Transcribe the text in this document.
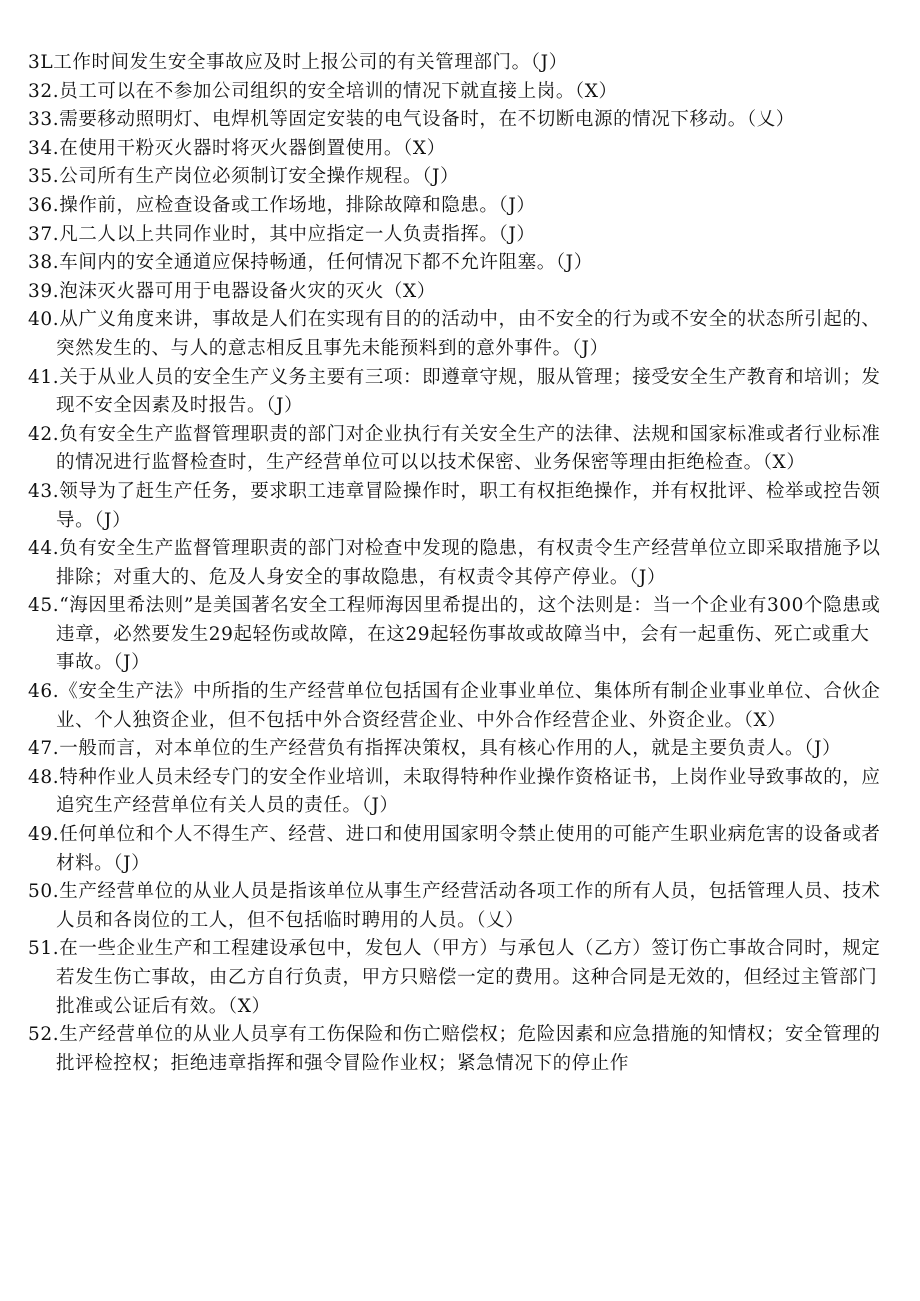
3L工作时间发生安全事故应及时上报公司的有关管理部门。（J）
32.员工可以在不参加公司组织的安全培训的情况下就直接上岗。（X）
33.需要移动照明灯、电焊机等固定安装的电气设备时，在不切断电源的情况下移动。（乂）
34.在使用干粉灭火器时将灭火器倒置使用。（X）
35.公司所有生产岗位必须制订安全操作规程。（J）
36.操作前，应检查设备或工作场地，排除故障和隐患。（J）
37.凡二人以上共同作业时，其中应指定一人负责指挥。（J）
38.车间内的安全通道应保持畅通，任何情况下都不允许阻塞。（J）
39.泡沫灭火器可用于电器设备火灾的灭火（X）
40.从广义角度来讲，事故是人们在实现有目的的活动中，由不安全的行为或不安全的状态所引起的、突然发生的、与人的意志相反且事先未能预料到的意外事件。（J）
41.关于从业人员的安全生产义务主要有三项：即遵章守规，服从管理；接受安全生产教育和培训；发现不安全因素及时报告。（J）
42.负有安全生产监督管理职责的部门对企业执行有关安全生产的法律、法规和国家标准或者行业标准的情况进行监督检查时，生产经营单位可以以技术保密、业务保密等理由拒绝检查。（X）
43.领导为了赶生产任务，要求职工违章冒险操作时，职工有权拒绝操作，并有权批评、检举或控告领导。（J）
44.负有安全生产监督管理职责的部门对检查中发现的隐患，有权责令生产经营单位立即采取措施予以排除；对重大的、危及人身安全的事故隐患，有权责令其停产停业。（J）
45.“海因里希法则”是美国著名安全工程师海因里希提出的，这个法则是：当一个企业有300个隐患或违章，必然要发生29起轻伤或故障，在这29起轻伤事故或故障当中，会有一起重伤、死亡或重大事故。（J）
46.《安全生产法》中所指的生产经营单位包括国有企业事业单位、集体所有制企业事业单位、合伙企业、个人独资企业，但不包括中外合资经营企业、中外合作经营企业、外资企业。（X）
47.一般而言，对本单位的生产经营负有指挥决策权，具有核心作用的人，就是主要负责人。（J）
48.特种作业人员未经专门的安全作业培训，未取得特种作业操作资格证书，上岗作业导致事故的，应追究生产经营单位有关人员的责任。（J）
49.任何单位和个人不得生产、经营、进口和使用国家明令禁止使用的可能产生职业病危害的设备或者材料。（J）
50.生产经营单位的从业人员是指该单位从事生产经营活动各项工作的所有人员，包括管理人员、技术人员和各岗位的工人，但不包括临时聘用的人员。（乂）
51.在一些企业生产和工程建设承包中，发包人（甲方）与承包人（乙方）签订伤亡事故合同时，规定若发生伤亡事故，由乙方自行负责，甲方只赔偿一定的费用。这种合同是无效的，但经过主管部门批准或公证后有效。（X）
52.生产经营单位的从业人员享有工伤保险和伤亡赔偿权；危险因素和应急措施的知情权；安全管理的批评检控权；拒绝违章指挥和强令冒险作业权；紧急情况下的停止作
